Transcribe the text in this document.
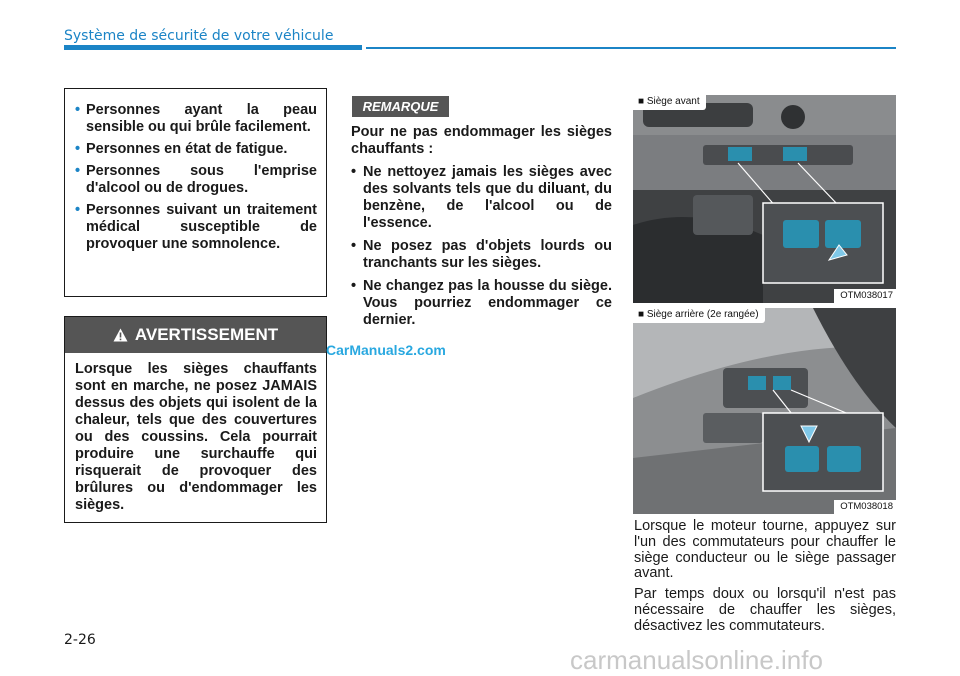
Système de sécurité de votre véhicule
• Personnes ayant la peau sensible ou qui brûle facilement.
• Personnes en état de fatigue.
• Personnes sous l'emprise d'alcool ou de drogues.
• Personnes suivant un traitement médical susceptible de provoquer une somnolence.
AVERTISSEMENT
Lorsque les sièges chauffants sont en marche, ne posez JAMAIS dessus des objets qui isolent de la chaleur, tels que des couvertures ou des coussins. Cela pourrait produire une surchauffe qui risquerait de provoquer des brûlures ou d'endommager les sièges.
CarManuals2.com
REMARQUE
Pour ne pas endommager les sièges chauffants :
• Ne nettoyez jamais les sièges avec des solvants tels que du diluant, du benzène, de l'alcool ou de l'essence.
• Ne posez pas d'objets lourds ou tranchants sur les sièges.
• Ne changez pas la housse du siège. Vous pourriez endommager ce dernier.
■ Siège avant
OTM038017
■ Siège arrière (2e rangée)
OTM038018

Lorsque le moteur tourne, appuyez sur l'un des commutateurs pour chauffer le siège conducteur ou le siège passager avant.

Par temps doux ou lorsqu'il n'est pas nécessaire de chauffer les sièges, désactivez les commutateurs.

2-26
carmanualsonline.info
